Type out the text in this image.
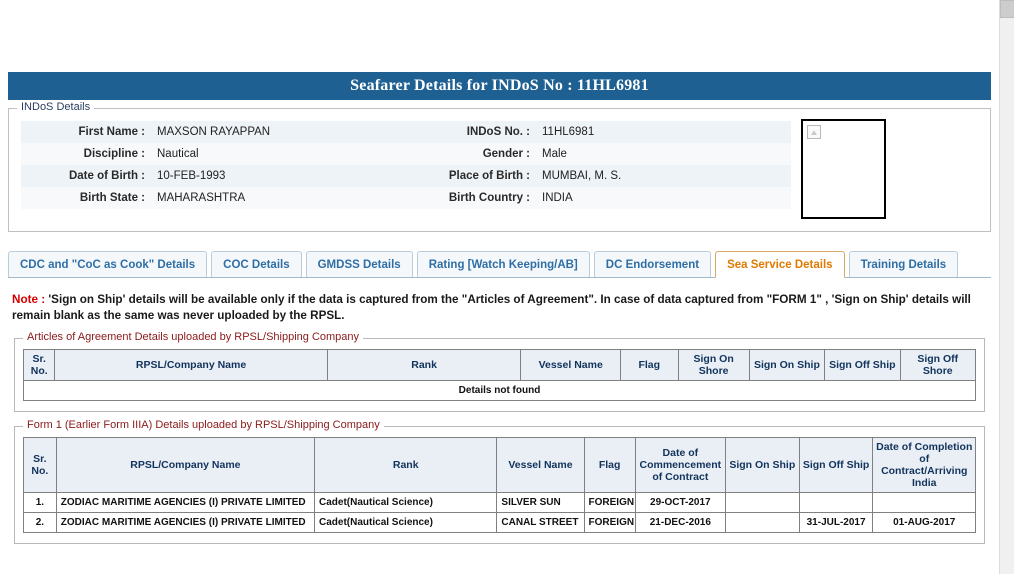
Seafarer Details for INDoS No : 11HL6981
INDoS Details
First Name :	MAXSON RAYAPPAN	INDoS No. :	11HL6981
Discipline :	Nautical	Gender :	Male
Date of Birth :	10-FEB-1993	Place of Birth :	MUMBAI, M. S.
Birth State :	MAHARASHTRA	Birth Country :	INDIA
CDC and "CoC as Cook" Details	COC Details	GMDSS Details	Rating [Watch Keeping/AB]	DC Endorsement	Sea Service Details	Training Details
Note : 'Sign on Ship' details will be available only if the data is captured from the "Articles of Agreement". In case of data captured from "FORM 1" , 'Sign on Ship' details will remain blank as the same was never uploaded by the RPSL.
Articles of Agreement Details uploaded by RPSL/Shipping Company
Sr. No.	RPSL/Company Name	Rank	Vessel Name	Flag	Sign On Shore	Sign On Ship	Sign Off Ship	Sign Off Shore
Details not found
Form 1 (Earlier Form IIIA) Details uploaded by RPSL/Shipping Company
Sr. No.	RPSL/Company Name	Rank	Vessel Name	Flag	Date of Commencement of Contract	Sign On Ship	Sign Off Ship	Date of Completion of Contract/Arriving India
1.	ZODIAC MARITIME AGENCIES (I) PRIVATE LIMITED	Cadet(Nautical Science)	SILVER SUN	FOREIGN	29-OCT-2017			
2.	ZODIAC MARITIME AGENCIES (I) PRIVATE LIMITED	Cadet(Nautical Science)	CANAL STREET	FOREIGN	21-DEC-2016		31-JUL-2017	01-AUG-2017
